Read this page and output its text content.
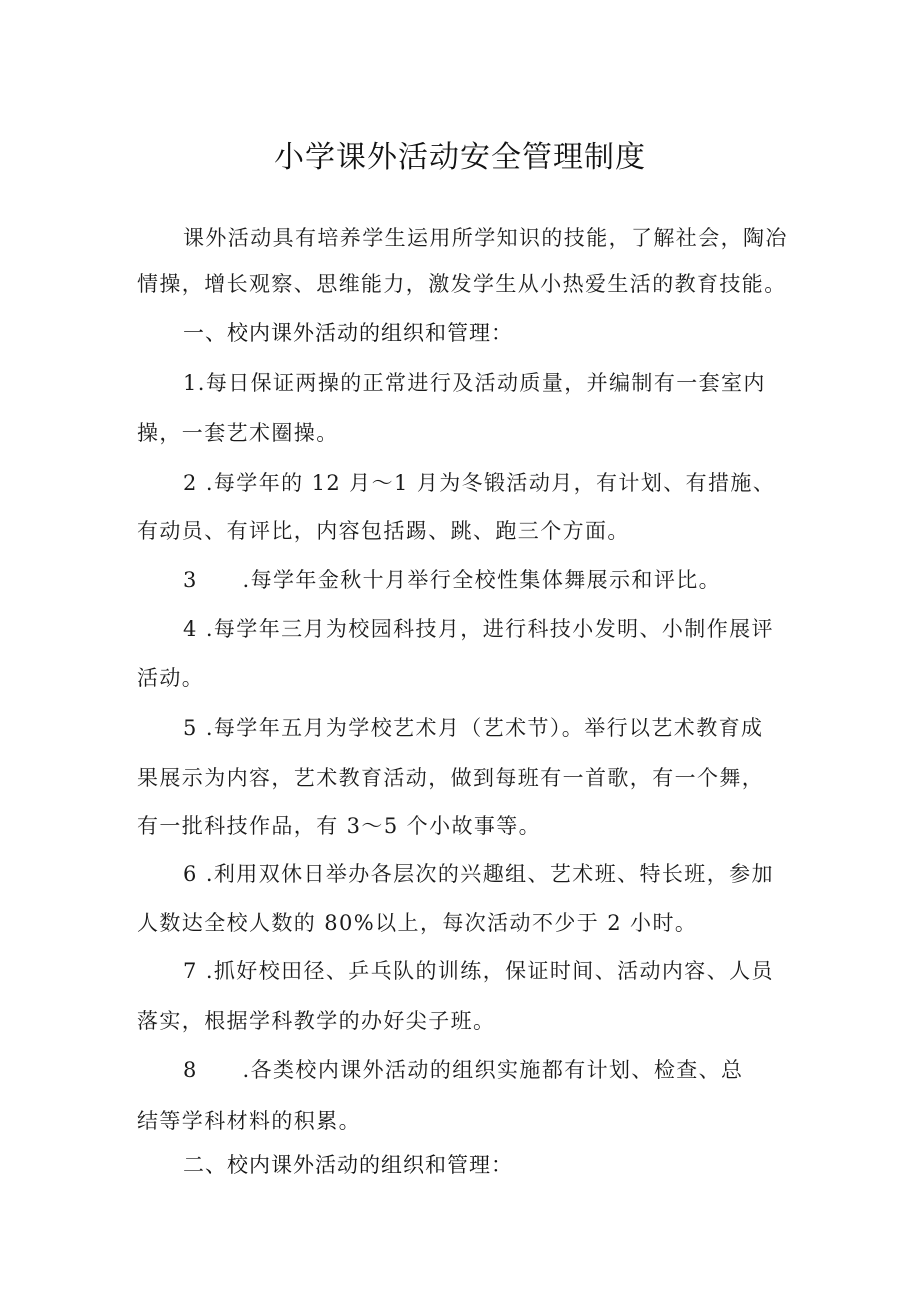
小学课外活动安全管理制度
课外活动具有培养学生运用所学知识的技能，了解社会，陶冶
情操，增长观察、思维能力，激发学生从小热爱生活的教育技能。
一、校内课外活动的组织和管理：
1.每日保证两操的正常进行及活动质量，并编制有一套室内
操，一套艺术圈操。
2 .每学年的 12 月～1 月为冬锻活动月，有计划、有措施、
有动员、有评比，内容包括踢、跳、跑三个方面。
3　　.每学年金秋十月举行全校性集体舞展示和评比。
4 .每学年三月为校园科技月，进行科技小发明、小制作展评
活动。
5 .每学年五月为学校艺术月（艺术节）。举行以艺术教育成
果展示为内容，艺术教育活动，做到每班有一首歌，有一个舞，
有一批科技作品，有 3～5 个小故事等。
6 .利用双休日举办各层次的兴趣组、艺术班、特长班，参加
人数达全校人数的 80%以上，每次活动不少于 2 小时。
7 .抓好校田径、乒乓队的训练，保证时间、活动内容、人员
落实，根据学科教学的办好尖子班。
8　　.各类校内课外活动的组织实施都有计划、检查、总
结等学科材料的积累。
二、校内课外活动的组织和管理：
